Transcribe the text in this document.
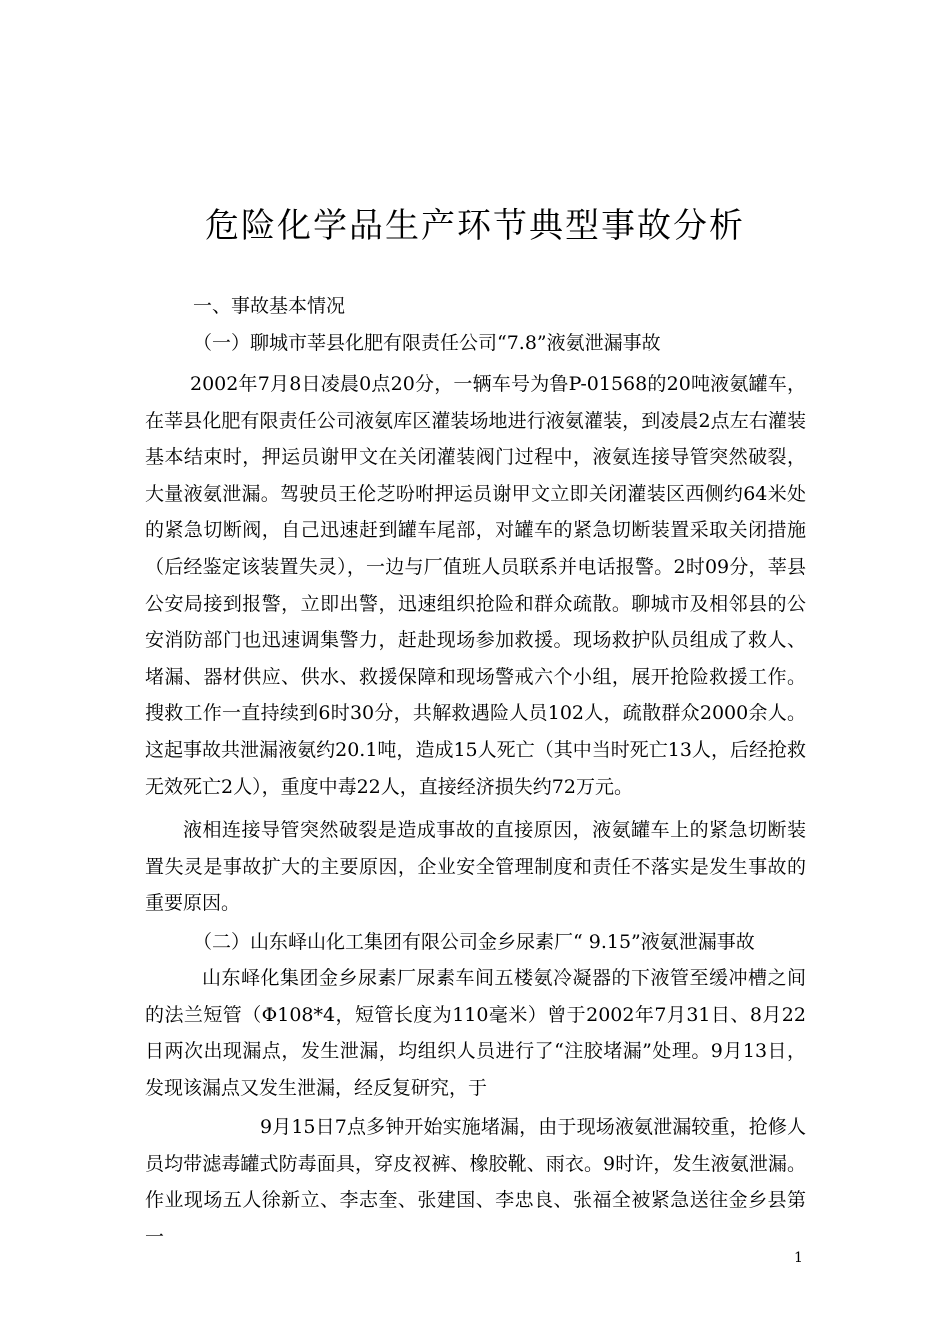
危险化学品生产环节典型事故分析
一、事故基本情况
（一）聊城市莘县化肥有限责任公司“7.8”液氨泄漏事故

2002年7月8日凌晨0点20分，一辆车号为鲁P-01568的20吨液氨罐车，在莘县化肥有限责任公司液氨库区灌装场地进行液氨灌装，到凌晨2点左右灌装基本结束时，押运员谢甲文在关闭灌装阀门过程中，液氨连接导管突然破裂，大量液氨泄漏。驾驶员王伦芝吩咐押运员谢甲文立即关闭灌装区西侧约64米处的紧急切断阀，自己迅速赶到罐车尾部，对罐车的紧急切断装置采取关闭措施（后经鉴定该装置失灵），一边与厂值班人员联系并电话报警。2时09分，莘县公安局接到报警，立即出警，迅速组织抢险和群众疏散。聊城市及相邻县的公安消防部门也迅速调集警力，赶赴现场参加救援。现场救护队员组成了救人、堵漏、器材供应、供水、救援保障和现场警戒六个小组，展开抢险救援工作。搜救工作一直持续到6时30分，共解救遇险人员102人，疏散群众2000余人。这起事故共泄漏液氨约20.1吨，造成15人死亡（其中当时死亡13人，后经抢救无效死亡2人），重度中毒22人，直接经济损失约72万元。

液相连接导管突然破裂是造成事故的直接原因，液氨罐车上的紧急切断装置失灵是事故扩大的主要原因，企业安全管理制度和责任不落实是发生事故的重要原因。

（二）山东峄山化工集团有限公司金乡尿素厂“ 9.15”液氨泄漏事故

山东峄化集团金乡尿素厂尿素车间五楼氨冷凝器的下液管至缓冲槽之间的法兰短管（Φ108*4，短管长度为110毫米）曾于2002年7月31日、8月22日两次出现漏点，发生泄漏，均组织人员进行了“注胶堵漏”处理。9月13日，发现该漏点又发生泄漏，经反复研究，于

9月15日7点多钟开始实施堵漏，由于现场液氨泄漏较重，抢修人员均带滤毒罐式防毒面具，穿皮衩裤、橡胶靴、雨衣。9时许，发生液氨泄漏。作业现场五人徐新立、李志奎、张建国、李忠良、张福全被紧急送往金乡县第一

1
